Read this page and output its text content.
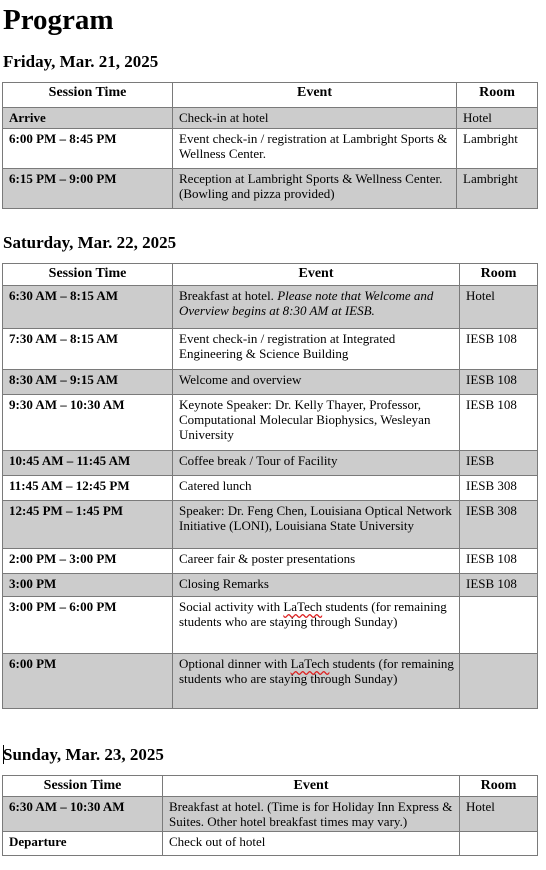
Program
Friday, Mar. 21, 2025
Session Time	Event	Room
Arrive	Check-in at hotel	Hotel
6:00 PM – 8:45 PM	Event check-in / registration at Lambright Sports & Wellness Center.	Lambright
6:15 PM – 9:00 PM	Reception at Lambright Sports & Wellness Center. (Bowling and pizza provided)	Lambright
Saturday, Mar. 22, 2025
Session Time	Event	Room
6:30 AM – 8:15 AM	Breakfast at hotel. Please note that Welcome and Overview begins at 8:30 AM at IESB.	Hotel
7:30 AM – 8:15 AM	Event check-in / registration at Integrated Engineering & Science Building	IESB 108
8:30 AM – 9:15 AM	Welcome and overview	IESB 108
9:30 AM – 10:30 AM	Keynote Speaker: Dr. Kelly Thayer, Professor, Computational Molecular Biophysics, Wesleyan University	IESB 108
10:45 AM – 11:45 AM	Coffee break / Tour of Facility	IESB
11:45 AM – 12:45 PM	Catered lunch	IESB 308
12:45 PM – 1:45 PM	Speaker: Dr. Feng Chen, Louisiana Optical Network Initiative (LONI), Louisiana State University	IESB 308
2:00 PM – 3:00 PM	Career fair & poster presentations	IESB 108
3:00 PM	Closing Remarks	IESB 108
3:00 PM – 6:00 PM	Social activity with LaTech students (for remaining students who are staying through Sunday)	
6:00 PM	Optional dinner with LaTech students (for remaining students who are staying through Sunday)	
Sunday, Mar. 23, 2025
Session Time	Event	Room
6:30 AM – 10:30 AM	Breakfast at hotel. (Time is for Holiday Inn Express & Suites. Other hotel breakfast times may vary.)	Hotel
Departure	Check out of hotel	
